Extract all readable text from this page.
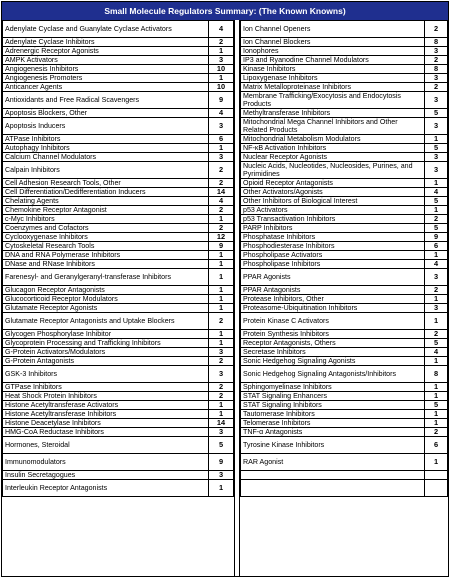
Small Molecule Regulators Summary: (The Known Knowns)
Adenylate Cyclase and Guanylate Cyclase Activators	4
Adenylate Cyclase Inhibitors	2
Adrenergic Receptor Agonists	1
AMPK Activators	3
Angiogenesis Inhibitors	10
Angiogenesis Promoters	1
Anticancer Agents	10
Antioxidants and Free Radical Scavengers	9
Apoptosis Blockers, Other	4
Apoptosis Inducers	3
ATPase Inhibitors	6
Autophagy Inhibitors	1
Calcium Channel Modulators	3
Calpain Inhibitors	2
Cell Adhesion Research Tools, Other	2
Cell Differentiation/Dedifferentiation Inducers	14
Chelating Agents	4
Chemokine Receptor Antagonist	2
c-Myc Inhibitors	1
Coenzymes and Cofactors	2
Cyclooxygenase Inhibitors	12
Cytoskeletal Research Tools	9
DNA and RNA Polymerase Inhibitors	1
DNase and RNase Inhibitors	1
Farenesyl- and Geranylgeranyl-transferase Inhibitors	1
Glucagon Receptor Antagonists	1
Glucocorticoid Receptor Modulators	1
Glutamate Receptor Agonists	1
Glutamate Receptor Antagonists and Uptake Blockers	2
Glycogen Phosphorylase Inhibitor	1
Glycoprotein Processing and Trafficking Inhibitors	1
G-Protein Activators/Modulators	3
G-Protein Antagonists	2
GSK-3 Inhibitors	3
GTPase Inhibitors	2
Heat Shock Protein Inhibitors	2
Histone Acetyltransferase Activators	1
Histone Acetyltransferase Inhibitors	1
Histone Deacetylase Inhibitors	14
HMG-CoA Reductase Inhibitors	3
Hormones, Steroidal	5
Immunomodulators	9
Insulin Secretagogues	3
Interleukin Receptor Antagonists	1
Ion Channel Openers	2
Ion Channel Blockers	8
Ionophores	3
IP3 and Ryanodine Channel Modulators	2
Kinase Inhibitors	8
Lipoxygenase Inhibitors	3
Matrix Metalloproteinase Inhibitors	2
Membrane Trafficking/Exocytosis and Endocytosis Products	3
Methyltransferase Inhibitors	5
Mitochondrial Mega Channel Inhibitors and Other Related Products	3
Mitochondrial Metabolism Modulators	1
NF-κB Activation Inhibitors	5
Nuclear Receptor Agonists	3
Nucleic Acids, Nucleotides, Nucleosides, Purines, and Pyrimidines	3
Opioid Receptor Antagonists	1
Other Activators/Agonists	4
Other Inhibitors of Biological Interest	5
p53 Activators	1
p53 Transactivation Inhibitors	2
PARP Inhibitors	5
Phosphatase Inhibitors	9
Phosphodiesterase Inhibitors	6
Phospholipase Activators	1
Phospholipase Inhibitors	4
PPAR Agonists	3
PPAR Antagonists	2
Protease Inhibitors, Other	1
Proteasome-Ubiquitination Inhibitors	3
Protein Kinase C Activators	1
Protein Synthesis Inhibitors	2
Receptor Antagonists, Others	5
Secretase Inhibitors	4
Sonic Hedgehog Signaling Agonists	1
Sonic Hedgehog Signaling Antagonists/Inhibitors	8
Sphingomyelinase Inhibitors	1
STAT Signaling Enhancers	1
STAT Signaling Inhibitors	5
Tautomerase Inhibitors	1
Telomerase Inhibitors	1
TNF-α Antagonists	2
Tyrosine Kinase Inhibitors	6
RAR Agonist	1
